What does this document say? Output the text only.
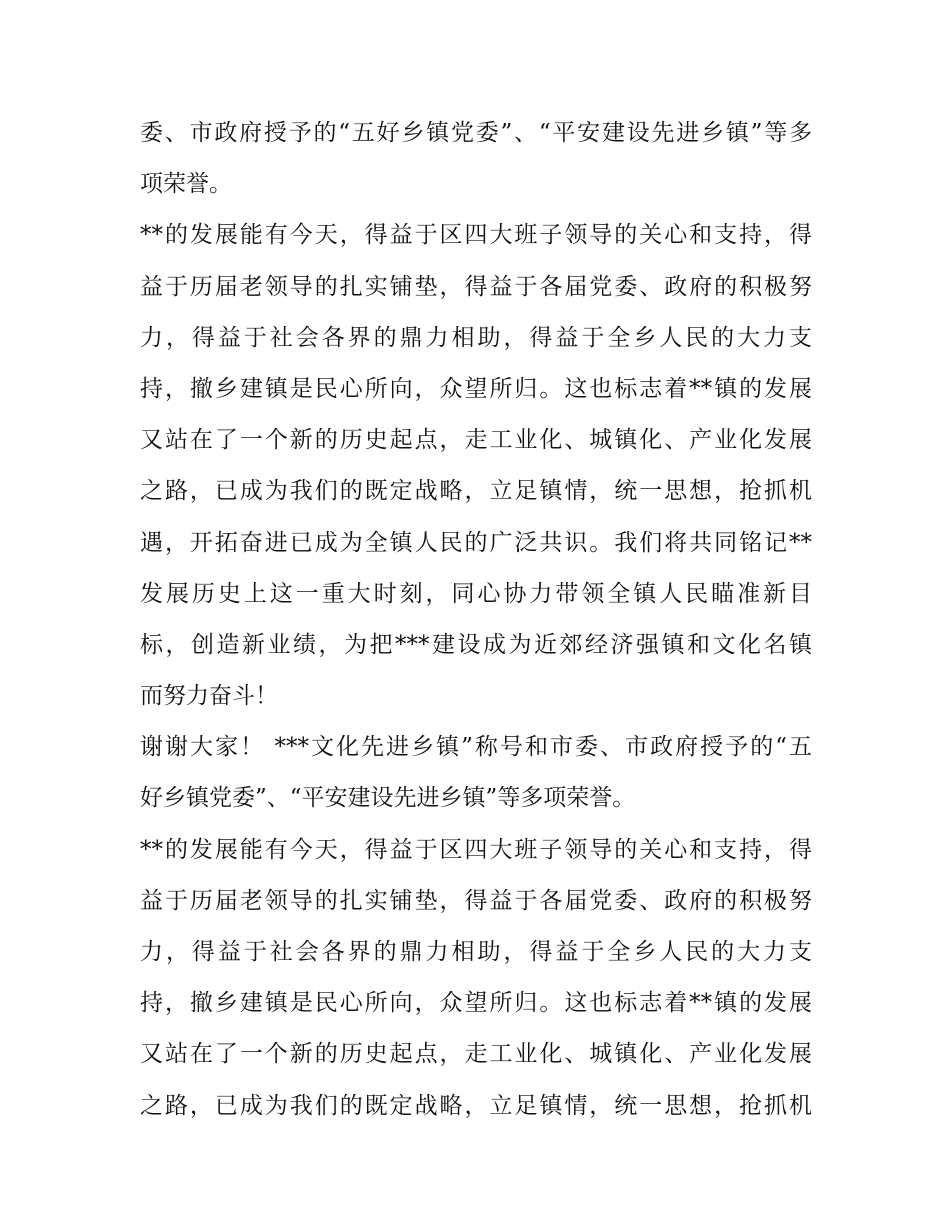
委、市政府授予的“五好乡镇党委”、“平安建设先进乡镇”等多
项荣誉。
**的发展能有今天，得益于区四大班子领导的关心和支持，得
益于历届老领导的扎实铺垫，得益于各届党委、政府的积极努
力，得益于社会各界的鼎力相助，得益于全乡人民的大力支
持，撤乡建镇是民心所向，众望所归。这也标志着**镇的发展
又站在了一个新的历史起点，走工业化、城镇化、产业化发展
之路，已成为我们的既定战略，立足镇情，统一思想，抢抓机
遇，开拓奋进已成为全镇人民的广泛共识。我们将共同铭记**
发展历史上这一重大时刻，同心协力带领全镇人民瞄准新目
标，创造新业绩，为把***建设成为近郊经济强镇和文化名镇
而努力奋斗！
谢谢大家！ ***文化先进乡镇”称号和市委、市政府授予的“五
好乡镇党委”、“平安建设先进乡镇”等多项荣誉。
**的发展能有今天，得益于区四大班子领导的关心和支持，得
益于历届老领导的扎实铺垫，得益于各届党委、政府的积极努
力，得益于社会各界的鼎力相助，得益于全乡人民的大力支
持，撤乡建镇是民心所向，众望所归。这也标志着**镇的发展
又站在了一个新的历史起点，走工业化、城镇化、产业化发展
之路，已成为我们的既定战略，立足镇情，统一思想，抢抓机
